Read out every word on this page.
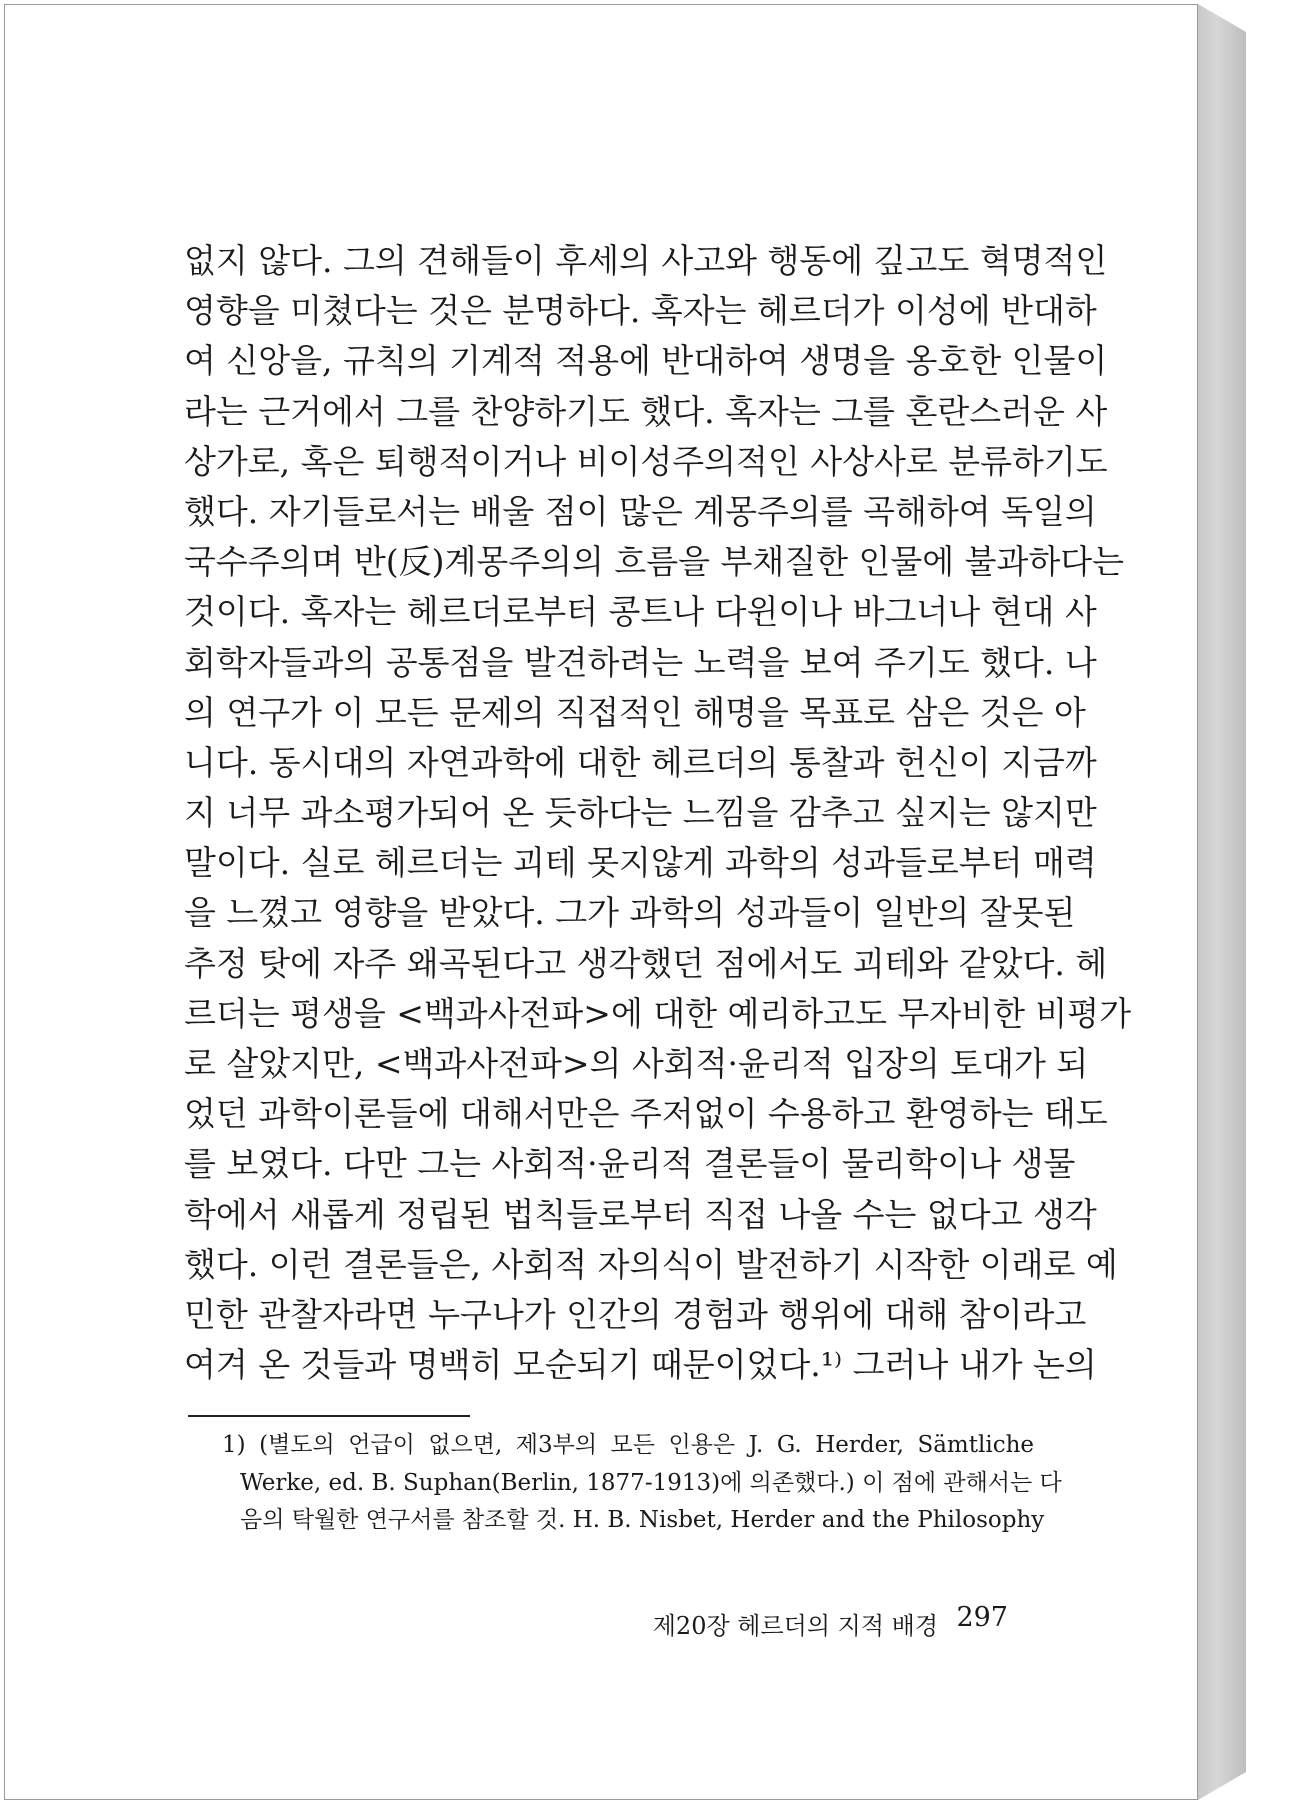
없지 않다. 그의 견해들이 후세의 사고와 행동에 깊고도 혁명적인
영향을 미쳤다는 것은 분명하다. 혹자는 헤르더가 이성에 반대하
여 신앙을, 규칙의 기계적 적용에 반대하여 생명을 옹호한 인물이
라는 근거에서 그를 찬양하기도 했다. 혹자는 그를 혼란스러운 사
상가로, 혹은 퇴행적이거나 비이성주의적인 사상사로 분류하기도
했다. 자기들로서는 배울 점이 많은 계몽주의를 곡해하여 독일의
국수주의며 반(反)계몽주의의 흐름을 부채질한 인물에 불과하다는
것이다. 혹자는 헤르더로부터 콩트나 다윈이나 바그너나 현대 사
회학자들과의 공통점을 발견하려는 노력을 보여 주기도 했다. 나
의 연구가 이 모든 문제의 직접적인 해명을 목표로 삼은 것은 아
니다. 동시대의 자연과학에 대한 헤르더의 통찰과 헌신이 지금까
지 너무 과소평가되어 온 듯하다는 느낌을 감추고 싶지는 않지만
말이다. 실로 헤르더는 괴테 못지않게 과학의 성과들로부터 매력
을 느꼈고 영향을 받았다. 그가 과학의 성과들이 일반의 잘못된
추정 탓에 자주 왜곡된다고 생각했던 점에서도 괴테와 같았다. 헤
르더는 평생을 <백과사전파>에 대한 예리하고도 무자비한 비평가
로 살았지만, <백과사전파>의 사회적·윤리적 입장의 토대가 되
었던 과학이론들에 대해서만은 주저없이 수용하고 환영하는 태도
를 보였다. 다만 그는 사회적·윤리적 결론들이 물리학이나 생물
학에서 새롭게 정립된 법칙들로부터 직접 나올 수는 없다고 생각
했다. 이런 결론들은, 사회적 자의식이 발전하기 시작한 이래로 예
민한 관찰자라면 누구나가 인간의 경험과 행위에 대해 참이라고
여겨 온 것들과 명백히 모순되기 때문이었다.¹⁾ 그러나 내가 논의
1) (별도의 언급이 없으면, 제3부의 모든 인용은 J. G. Herder, Sämtliche
Werke, ed. B. Suphan(Berlin, 1877-1913)에 의존했다.) 이 점에 관해서는 다
음의 탁월한 연구서를 참조할 것. H. B. Nisbet, Herder and the Philosophy
제20장 헤르더의 지적 배경 297
